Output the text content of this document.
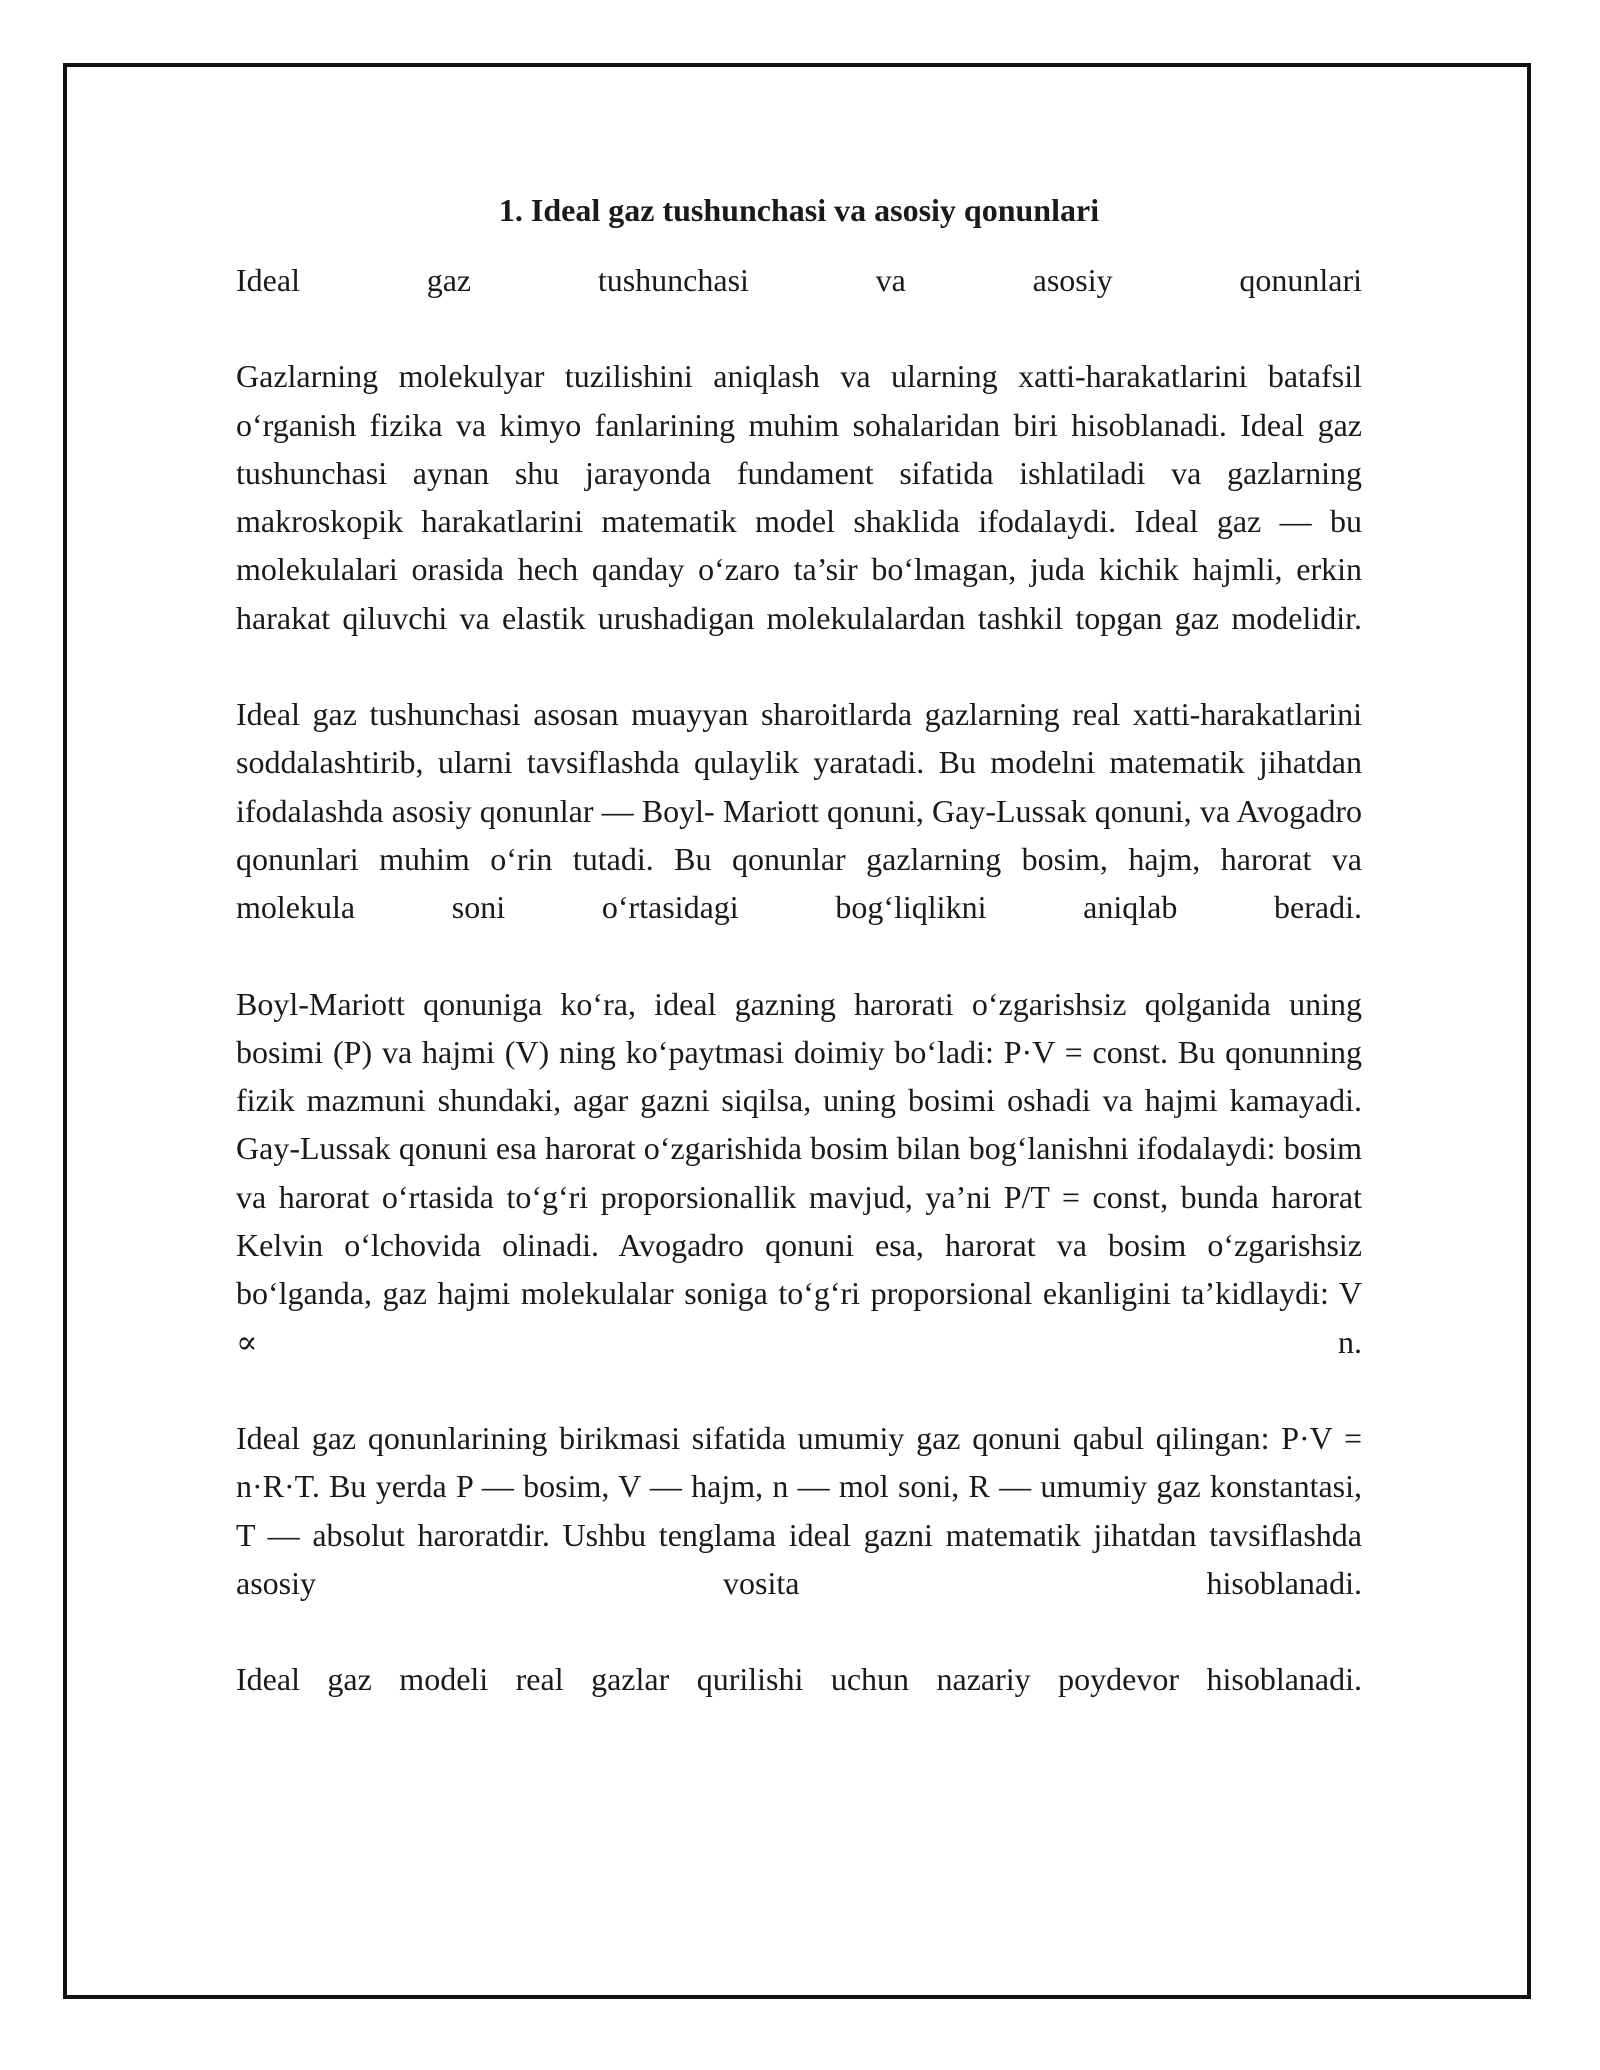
1. Ideal gaz tushunchasi va asosiy qonunlari

Ideal gaz tushunchasi va asosiy qonunlari

Gazlarning molekulyar tuzilishini aniqlash va ularning xatti-harakatlarini batafsil o‘rganish fizika va kimyo fanlarining muhim sohalaridan biri hisoblanadi. Ideal gaz tushunchasi aynan shu jarayonda fundament sifatida ishlatiladi va gazlarning makroskopik harakatlarini matematik model shaklida ifodalaydi. Ideal gaz — bu molekulalari orasida hech qanday o‘zaro ta’sir bo‘lmagan, juda kichik hajmli, erkin harakat qiluvchi va elastik urushadigan molekulalardan tashkil topgan gaz modelidir.

Ideal gaz tushunchasi asosan muayyan sharoitlarda gazlarning real xatti-harakatlarini soddalashtirib, ularni tavsiflashda qulaylik yaratadi. Bu modelni matematik jihatdan ifodalashda asosiy qonunlar — Boyl- Mariott qonuni, Gay-Lussak qonuni, va Avogadro qonunlari muhim o‘rin tutadi. Bu qonunlar gazlarning bosim, hajm, harorat va molekula soni o‘rtasidagi bog‘liqlikni aniqlab beradi.

Boyl-Mariott qonuniga ko‘ra, ideal gazning harorati o‘zgarishsiz qolganida uning bosimi (P) va hajmi (V) ning ko‘paytmasi doimiy bo‘ladi: P·V = const. Bu qonunning fizik mazmuni shundaki, agar gazni siqilsa, uning bosimi oshadi va hajmi kamayadi. Gay-Lussak qonuni esa harorat o‘zgarishida bosim bilan bog‘lanishni ifodalaydi: bosim va harorat o‘rtasida to‘g‘ri proporsionallik mavjud, ya’ni P/T = const, bunda harorat Kelvin o‘lchovida olinadi. Avogadro qonuni esa, harorat va bosim o‘zgarishsiz bo‘lganda, gaz hajmi molekulalar soniga to‘g‘ri proporsional ekanligini ta’kidlaydi: V ∝ n.

Ideal gaz qonunlarining birikmasi sifatida umumiy gaz qonuni qabul qilingan: P·V = n·R·T. Bu yerda P — bosim, V — hajm, n — mol soni, R — umumiy gaz konstantasi, T — absolut haroratdir. Ushbu tenglama ideal gazni matematik jihatdan tavsiflashda asosiy vosita hisoblanadi.

Ideal gaz modeli real gazlar qurilishi uchun nazariy poydevor hisoblanadi.
